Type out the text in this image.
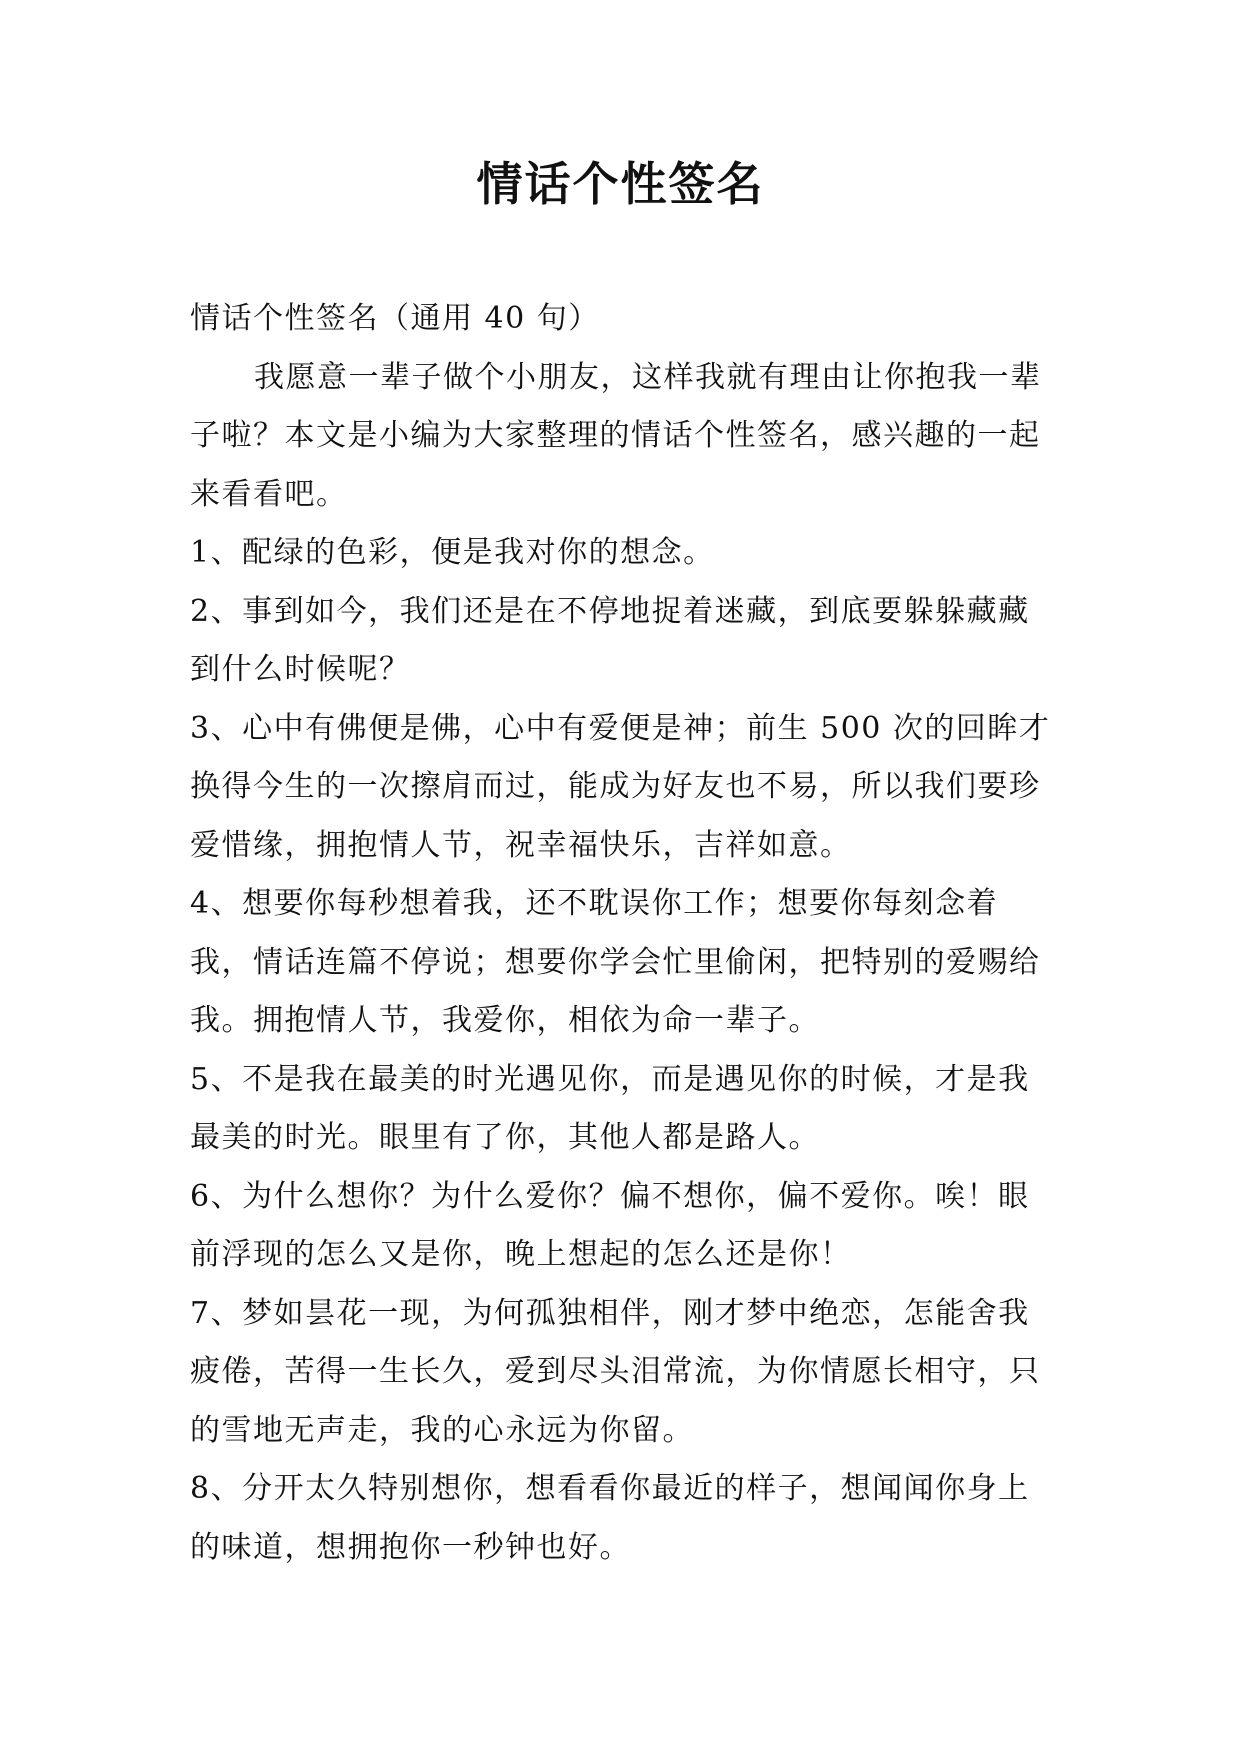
情话个性签名

情话个性签名（通用 40 句）

我愿意一辈子做个小朋友，这样我就有理由让你抱我一辈子啦？本文是小编为大家整理的情话个性签名，感兴趣的一起来看看吧。

1、配绿的色彩，便是我对你的想念。

2、事到如今，我们还是在不停地捉着迷藏，到底要躲躲藏藏到什么时候呢？

3、心中有佛便是佛，心中有爱便是神；前生 500 次的回眸才换得今生的一次擦肩而过，能成为好友也不易，所以我们要珍爱惜缘，拥抱情人节，祝幸福快乐，吉祥如意。

4、想要你每秒想着我，还不耽误你工作；想要你每刻念着我，情话连篇不停说；想要你学会忙里偷闲，把特别的爱赐给我。拥抱情人节，我爱你，相依为命一辈子。

5、不是我在最美的时光遇见你，而是遇见你的时候，才是我最美的时光。眼里有了你，其他人都是路人。

6、为什么想你？为什么爱你？偏不想你，偏不爱你。唉！眼前浮现的怎么又是你，晚上想起的怎么还是你！

7、梦如昙花一现，为何孤独相伴，刚才梦中绝恋，怎能舍我疲倦，苦得一生长久，爱到尽头泪常流，为你情愿长相守，只的雪地无声走，我的心永远为你留。

8、分开太久特别想你，想看看你最近的样子，想闻闻你身上的味道，想拥抱你一秒钟也好。
